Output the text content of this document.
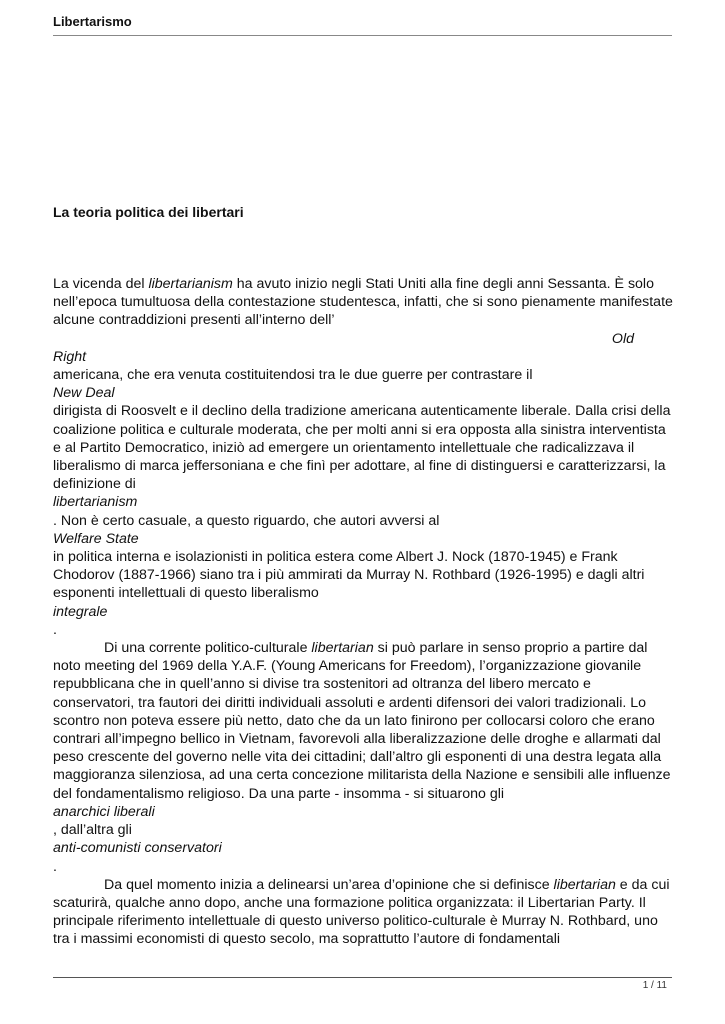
Libertarismo
La teoria politica dei libertari

La vicenda del libertarianism ha avuto inizio negli Stati Uniti alla fine degli anni Sessanta. È solo nell’epoca tumultuosa della contestazione studentesca, infatti, che si sono pienamente manifestate alcune contraddizioni presenti all’interno dell’
Old

Right

americana, che era venuta costituitendosi tra le due guerre per contrastare il

New Deal

dirigista di Roosvelt e il declino della tradizione americana autenticamente liberale. Dalla crisi della coalizione politica e culturale moderata, che per molti anni si era opposta alla sinistra interventista e al Partito Democratico, iniziò ad emergere un orientamento intellettuale che radicalizzava il liberalismo di marca jeffersoniana e che finì per adottare, al fine di distinguersi e caratterizzarsi, la definizione di

libertarianism

. Non è certo casuale, a questo riguardo, che autori avversi al

Welfare State

in politica interna e isolazionisti in politica estera come Albert J. Nock (1870-1945) e Frank Chodorov (1887-1966) siano tra i più ammirati da Murray N. Rothbard (1926-1995) e dagli altri esponenti intellettuali di questo liberalismo

integrale

.

Di una corrente politico-culturale libertarian si può parlare in senso proprio a partire dal noto meeting del 1969 della Y.A.F. (Young Americans for Freedom), l’organizzazione giovanile repubblicana che in quell’anno si divise tra sostenitori ad oltranza del libero mercato e conservatori, tra fautori dei diritti individuali assoluti e ardenti difensori dei valori tradizionali. Lo scontro non poteva essere più netto, dato che da un lato finirono per collocarsi coloro che erano contrari all’impegno bellico in Vietnam, favorevoli alla liberalizzazione delle droghe e allarmati dal peso crescente del governo nelle vita dei cittadini; dall’altro gli esponenti di una destra legata alla maggioranza silenziosa, ad una certa concezione militarista della Nazione e sensibili alle influenze del fondamentalismo religioso. Da una parte - insomma - si situarono gli

anarchici liberali

, dall’altra gli

anti-comunisti conservatori

.

Da quel momento inizia a delinearsi un’area d’opinione che si definisce libertarian e da cui scaturirà, qualche anno dopo, anche una formazione politica organizzata: il Libertarian Party. Il principale riferimento intellettuale di questo universo politico-culturale è Murray N. Rothbard, uno tra i massimi economisti di questo secolo, ma soprattutto l’autore di fondamentali

1 / 11
